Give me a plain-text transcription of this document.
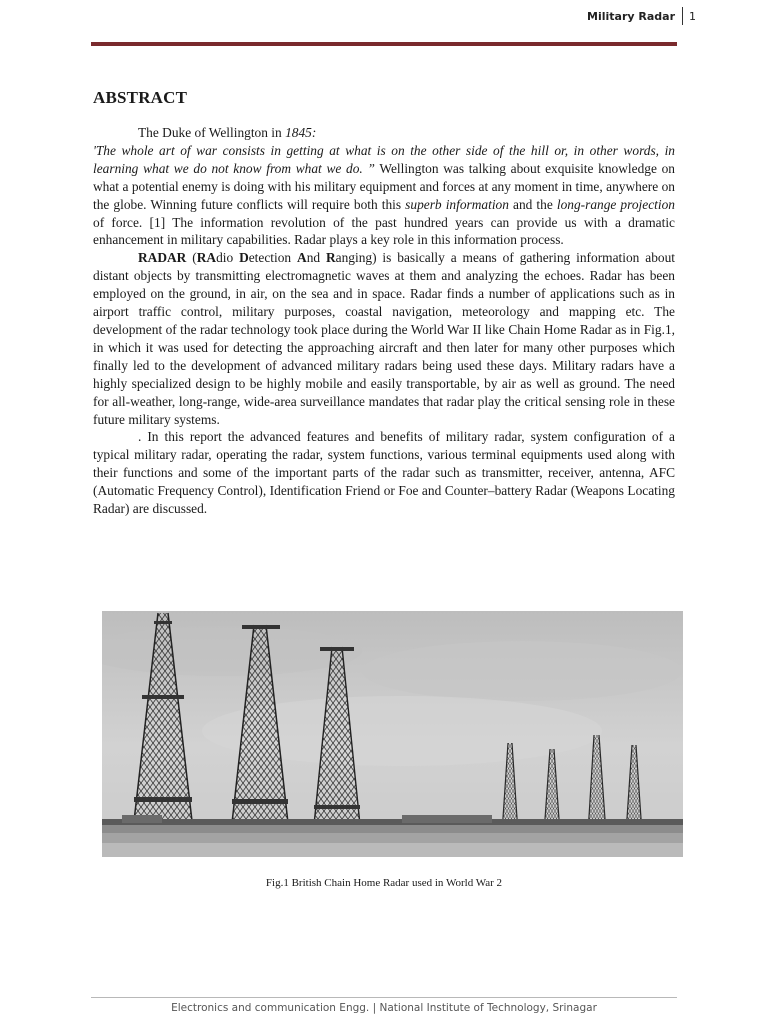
Military Radar 1
ABSTRACT

The Duke of Wellington in 1845:
'The whole art of war consists in getting at what is on the other side of the hill or, in other words, in learning what we do not know from what we do. ” Wellington was talking about exquisite knowledge on what a potential enemy is doing with his military equipment and forces at any moment in time, anywhere on the globe. Winning future conflicts will require both this superb information and the long-range projection of force. [1] The information revolution of the past hundred years can provide us with a dramatic enhancement in military capabilities. Radar plays a key role in this information process.

RADAR (RAdio Detection And Ranging) is basically a means of gathering information about distant objects by transmitting electromagnetic waves at them and analyzing the echoes. Radar has been employed on the ground, in air, on the sea and in space. Radar finds a number of applications such as in airport traffic control, military purposes, coastal navigation, meteorology and mapping etc. The development of the radar technology took place during the World War II like Chain Home Radar as in Fig.1, in which it was used for detecting the approaching aircraft and then later for many other purposes which finally led to the development of advanced military radars being used these days. Military radars have a highly specialized design to be highly mobile and easily transportable, by air as well as ground. The need for all-weather, long-range, wide-area surveillance mandates that radar play the critical sensing role in these future military systems.

. In this report the advanced features and benefits of military radar, system configuration of a typical military radar, operating the radar, system functions, various terminal equipments used along with their functions and some of the important parts of the radar such as transmitter, receiver, antenna, AFC (Automatic Frequency Control), Identification Friend or Foe and Counter–battery Radar (Weapons Locating Radar) are discussed.

Fig.1 British Chain Home Radar used in World War 2
Electronics and communication Engg. | National Institute of Technology, Srinagar
